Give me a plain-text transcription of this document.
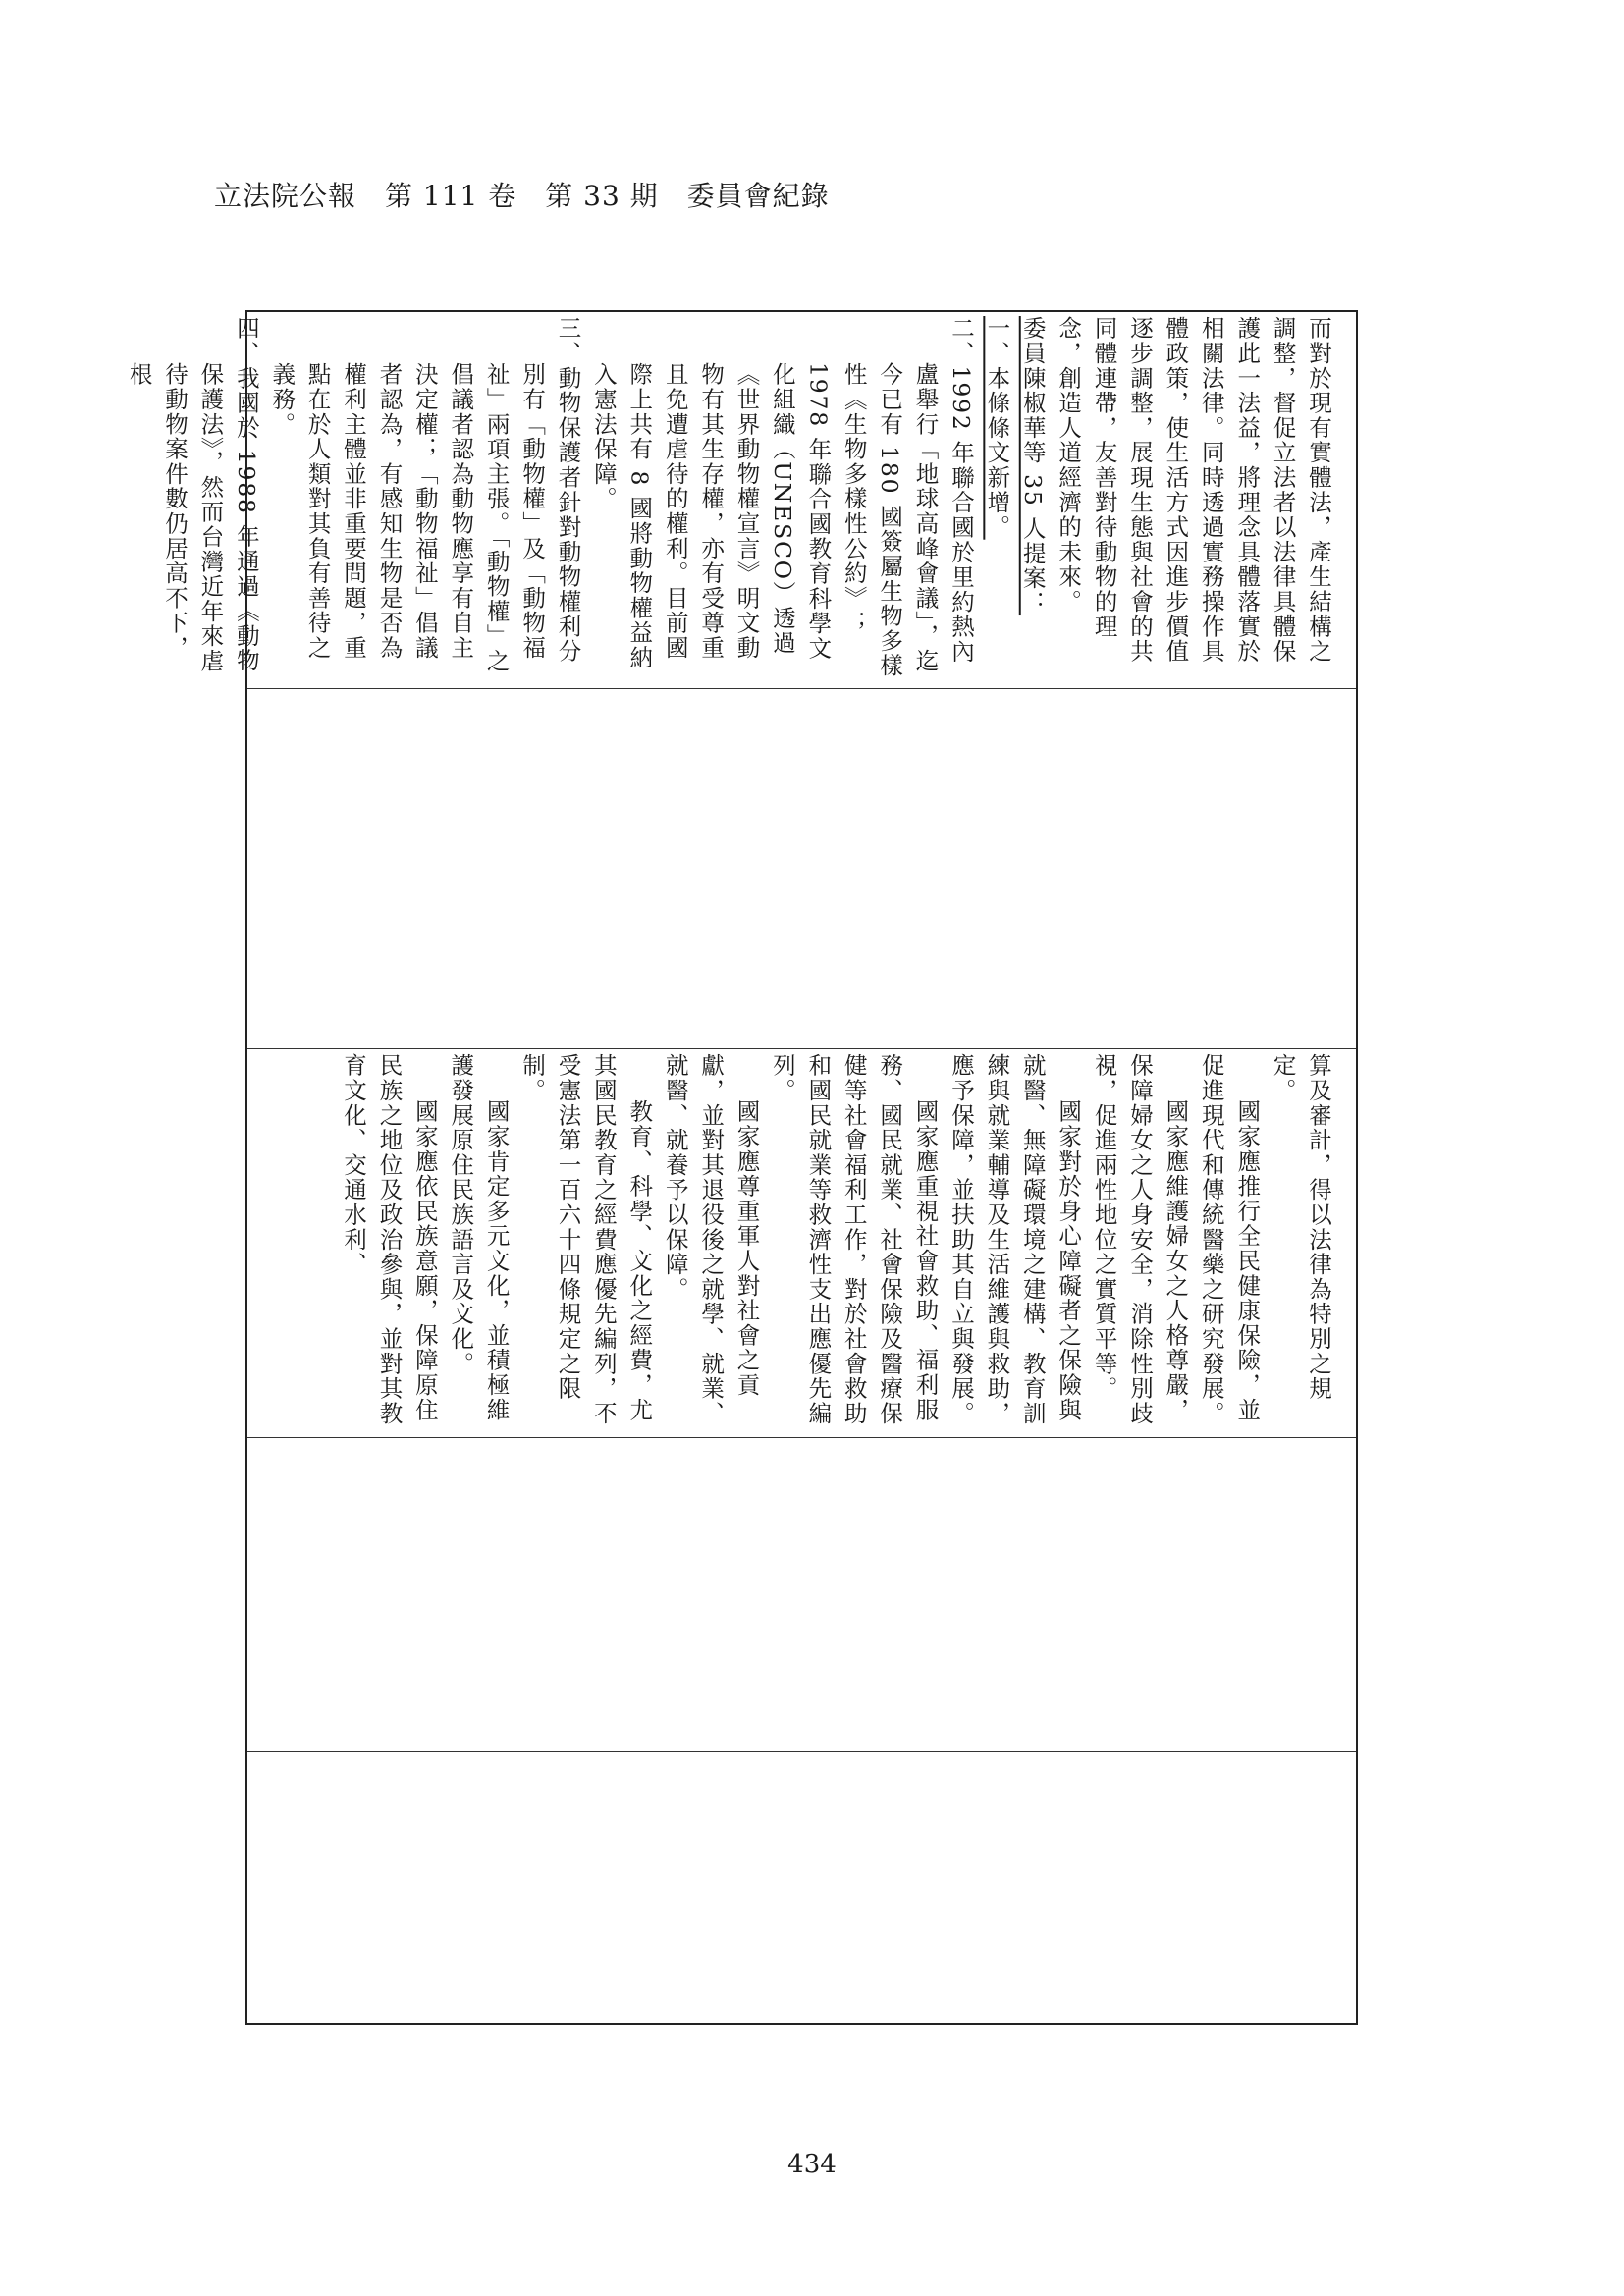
立法院公報　第 111 卷　第 33 期　委員會紀錄

而對於現有實體法，產生結構之調整，督促立法者以法律具體保護此一法益，將理念具體落實於相關法律。同時透過實務操作具體政策，使生活方式因進步價值逐步調整，展現生態與社會的共同體連帶，友善對待動物的理念，創造人道經濟的未來。

委員陳椒華等 35 人提案：

一、本條條文新增。

二、1992 年聯合國於里約熱內盧舉行「地球高峰會議」，迄今已有 180 國簽屬生物多樣性《生物多樣性公約》；1978 年聯合國教育科學文化組織（UNESCO）透過《世界動物權宣言》明文動物有其生存權，亦有受尊重且免遭虐待的權利。目前國際上共有 8 國將動物權益納入憲法保障。

三、動物保護者針對動物權利分別有「動物權」及「動物福祉」兩項主張。「動物權」之倡議者認為動物應享有自主決定權；「動物福祉」倡議者認為，有感知生物是否為權利主體並非重要問題，重點在於人類對其負有善待之義務。

四、我國於 1988 年通過《動物保護法》，然而台灣近年來虐待動物案件數仍居高不下，根

算及審計，得以法律為特別之規定。

國家應推行全民健康保險，並促進現代和傳統醫藥之研究發展。

國家應維護婦女之人格尊嚴，保障婦女之人身安全，消除性別歧視，促進兩性地位之實質平等。

國家對於身心障礙者之保險與就醫、無障礙環境之建構、教育訓練與就業輔導及生活維護與救助，應予保障，並扶助其自立與發展。

國家應重視社會救助、福利服務、國民就業、社會保險及醫療保健等社會福利工作，對於社會救助和國民就業等救濟性支出應優先編列。

國家應尊重軍人對社會之貢獻，並對其退役後之就學、就業、就醫、就養予以保障。

教育、科學、文化之經費，尤其國民教育之經費應優先編列，不受憲法第一百六十四條規定之限制。

國家肯定多元文化，並積極維護發展原住民族語言及文化。

國家應依民族意願，保障原住民族之地位及政治參與，並對其教育文化、交通水利、

434
